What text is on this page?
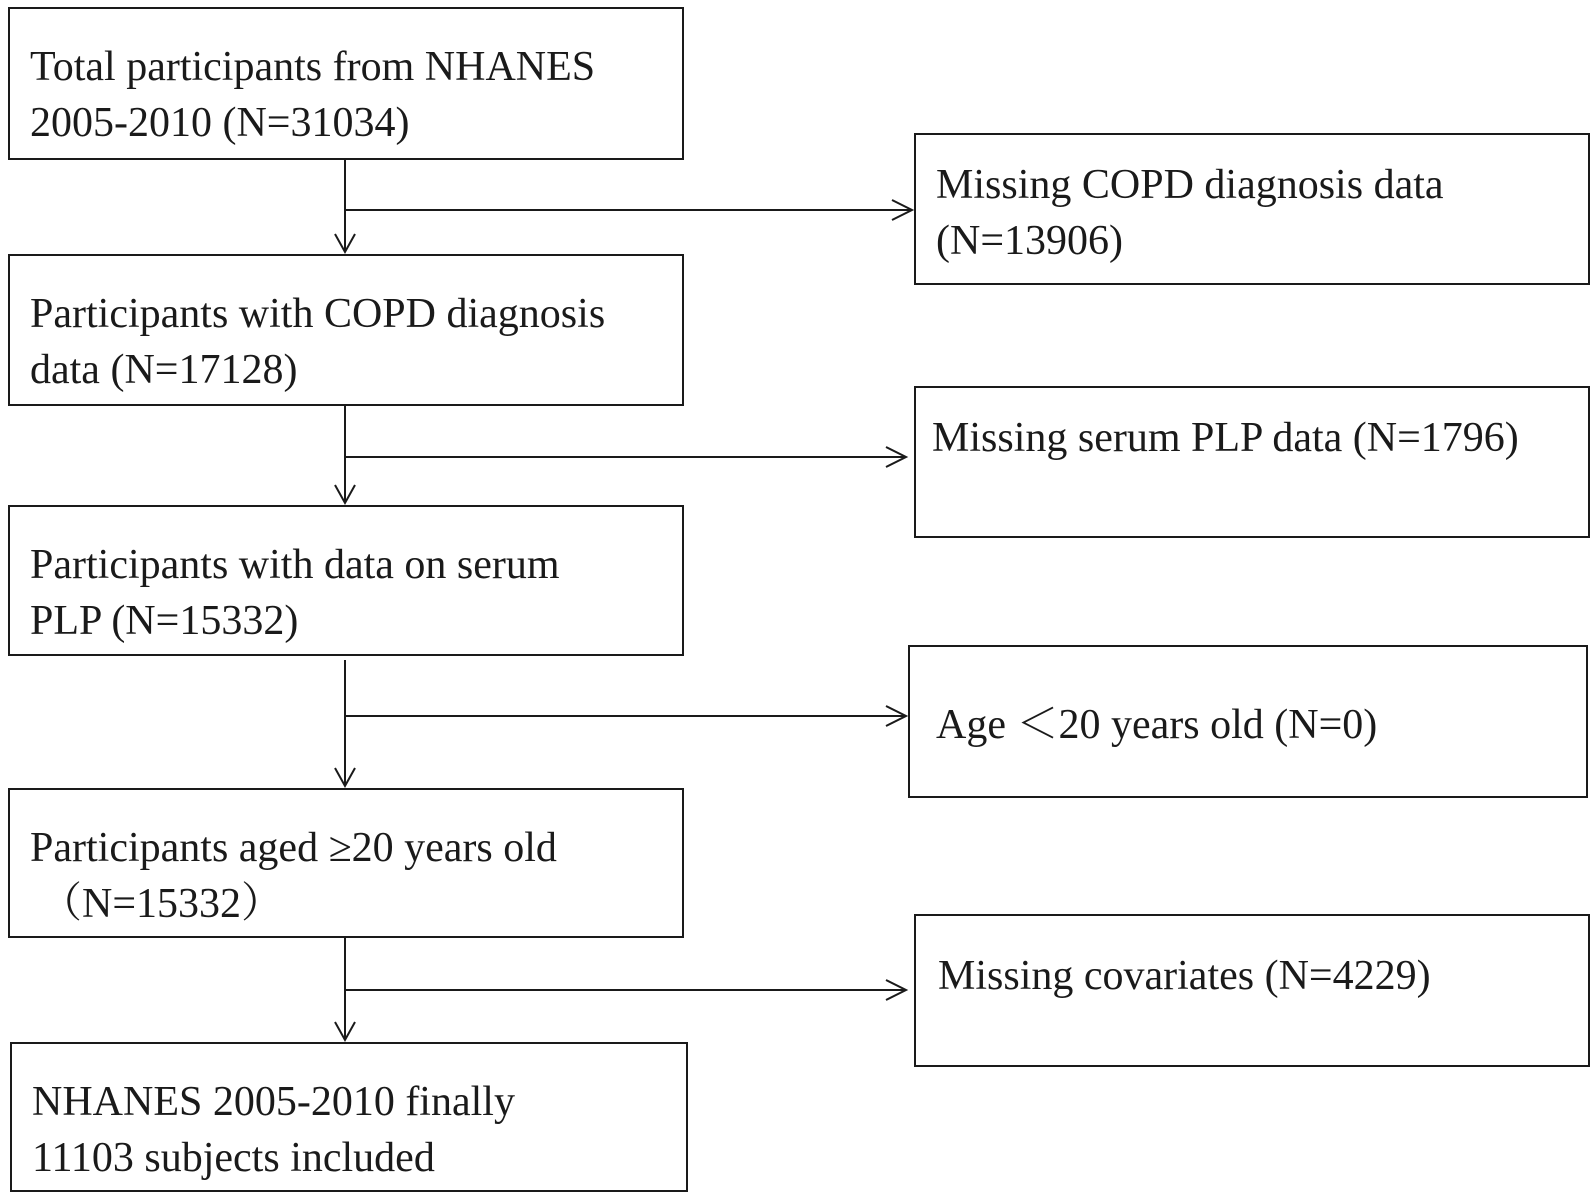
Total participants from NHANES
2005-2010 (N=31034)
Participants with COPD diagnosis
data (N=17128)
Participants with data on serum
PLP (N=15332)
Participants aged ≥20 years old
（N=15332）
NHANES 2005-2010 finally
11103 subjects included
Missing COPD diagnosis data
(N=13906)
Missing serum PLP data (N=1796)
Age ＜20 years old (N=0)
Missing covariates (N=4229)
